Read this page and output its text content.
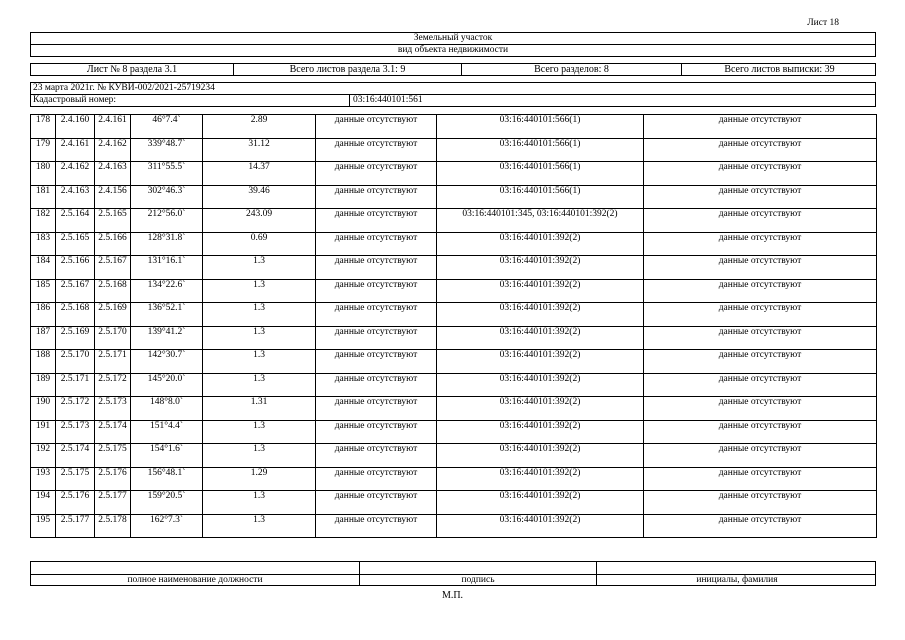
Лист 18
Земельный участок
вид объекта недвижимости
Лист № 8 раздела 3.1	Всего листов раздела 3.1: 9	Всего разделов: 8	Всего листов выписки: 39
23 марта 2021г. № КУВИ-002/2021-25719234
Кадастровый номер:	03:16:440101:561
178	2.4.160	2.4.161	46°7.4`	2.89	данные отсутствуют	03:16:440101:566(1)	данные отсутствуют
179	2.4.161	2.4.162	339°48.7`	31.12	данные отсутствуют	03:16:440101:566(1)	данные отсутствуют
180	2.4.162	2.4.163	311°55.5`	14.37	данные отсутствуют	03:16:440101:566(1)	данные отсутствуют
181	2.4.163	2.4.156	302°46.3`	39.46	данные отсутствуют	03:16:440101:566(1)	данные отсутствуют
182	2.5.164	2.5.165	212°56.0`	243.09	данные отсутствуют	03:16:440101:345, 03:16:440101:392(2)	данные отсутствуют
183	2.5.165	2.5.166	128°31.8`	0.69	данные отсутствуют	03:16:440101:392(2)	данные отсутствуют
184	2.5.166	2.5.167	131°16.1`	1.3	данные отсутствуют	03:16:440101:392(2)	данные отсутствуют
185	2.5.167	2.5.168	134°22.6`	1.3	данные отсутствуют	03:16:440101:392(2)	данные отсутствуют
186	2.5.168	2.5.169	136°52.1`	1.3	данные отсутствуют	03:16:440101:392(2)	данные отсутствуют
187	2.5.169	2.5.170	139°41.2`	1.3	данные отсутствуют	03:16:440101:392(2)	данные отсутствуют
188	2.5.170	2.5.171	142°30.7`	1.3	данные отсутствуют	03:16:440101:392(2)	данные отсутствуют
189	2.5.171	2.5.172	145°20.0`	1.3	данные отсутствуют	03:16:440101:392(2)	данные отсутствуют
190	2.5.172	2.5.173	148°8.0`	1.31	данные отсутствуют	03:16:440101:392(2)	данные отсутствуют
191	2.5.173	2.5.174	151°4.4`	1.3	данные отсутствуют	03:16:440101:392(2)	данные отсутствуют
192	2.5.174	2.5.175	154°1.6`	1.3	данные отсутствуют	03:16:440101:392(2)	данные отсутствуют
193	2.5.175	2.5.176	156°48.1`	1.29	данные отсутствуют	03:16:440101:392(2)	данные отсутствуют
194	2.5.176	2.5.177	159°20.5`	1.3	данные отсутствуют	03:16:440101:392(2)	данные отсутствуют
195	2.5.177	2.5.178	162°7.3`	1.3	данные отсутствуют	03:16:440101:392(2)	данные отсутствуют
полное наименование должности	подпись	инициалы, фамилия
М.П.
